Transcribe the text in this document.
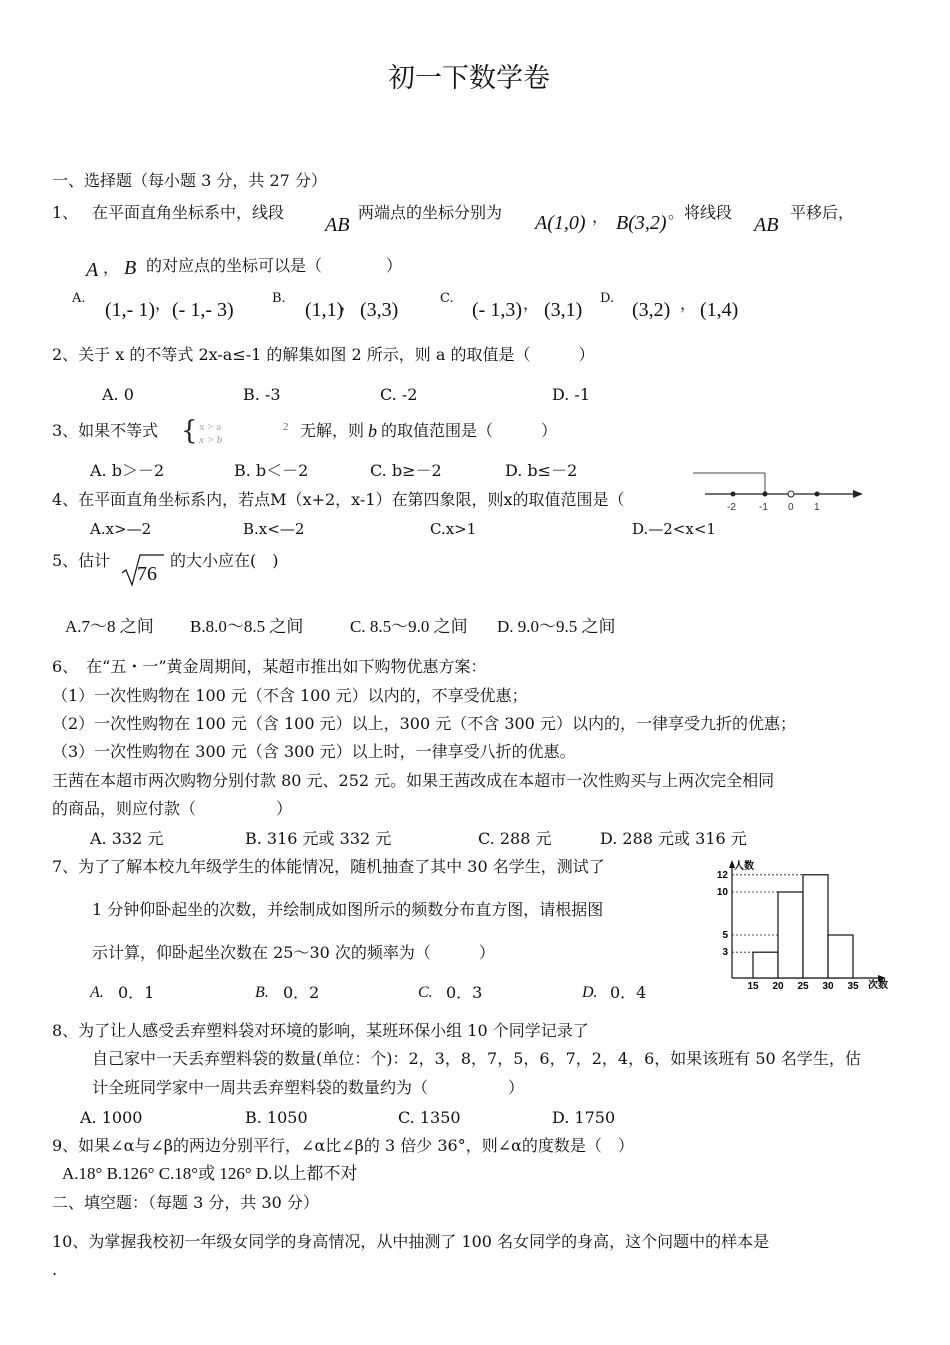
初一下数学卷
一、选择题（每小题 3 分，共 27 分）
1、 在平面直角坐标系中，线段
AB
两端点的坐标分别为 A(1,0) ， B(3,2) 。将线段
AB
平移后，
A ， B 的对应点的坐标可以是（　　　　）
A.
(1,- 1) ， (- 1,- 3)
B.
(1,1)
， (3,3)
C.
(- 1,3) ， (3,1)
D.
(3,2) ， (1,4)
2、关于 x 的不等式 2x-a≤-1 的解集如图 2 所示，则 a 的取值是（　　　）
A. 0	B. -3	C. -2	D. -1
3、如果不等式 { x > a
x > b
2 无解，则 b 的取值范围是（　　　）
A. b＞－2	B. b＜－2	C. b≥－2	D. b≤－2
4、在平面直角坐标系内，若点M（x+2，x-1）在第四象限，则x的取值范围是（	-2 -1 0 1
A.x>—2	B.x<—2	C.x>1	D.—2<x<1
5、估计
76
的大小应在(　)
A.7～8 之间 B.8.0～8.5 之间	C. 8.5～9.0 之间 D. 9.0～9.5 之间
6、　在“五・一”黄金周期间，某超市推出如下购物优惠方案：
（1）一次性购物在 100 元（不含 100 元）以内的，不享受优惠；
（2）一次性购物在 100 元（含 100 元）以上，300 元（不含 300 元）以内的，一律享受九折的优惠；
（3）一次性购物在 300 元（含 300 元）以上时，一律享受八折的优惠。
王茜在本超市两次购物分别付款 80 元、252 元。如果王茜改成在本超市一次性购买与上两次完全相同
的商品，则应付款（　　　　　）
A. 332 元	B. 316 元或 332 元	C. 288 元	D. 288 元或 316 元
7、为了了解本校九年级学生的体能情况，随机抽查了其中 30 名学生，测试了
1 分钟仰卧起坐的次数，并绘制成如图所示的频数分布直方图，请根据图
示计算，仰卧起坐次数在 25～30 次的频率为（　　　）
A. 0．1	B. 0．2	C. 0．3	D. 0．4
人数
次数
3
5
10
12
15 20 25 30 35
8、为了让人感受丢弃塑料袋对环境的影响，某班环保小组 10 个同学记录了
自己家中一天丢弃塑料袋的数量(单位：个)：2，3，8，7，5，6，7，2，4，6，如果该班有 50 名学生，估
计全班同学家中一周共丢弃塑料袋的数量约为（　　　　　）
A. 1000	B. 1050	C. 1350	D. 1750
9、如果∠α与∠β的两边分别平行，∠α比∠β的 3 倍少 36°，则∠α的度数是（　）
A.18° B.126° C.18°或 126° D.以上都不对
二、填空题：（每题 3 分，共 30 分）
10、为掌握我校初一年级女同学的身高情况，从中抽测了 100 名女同学的身高，这个问题中的样本是
.
